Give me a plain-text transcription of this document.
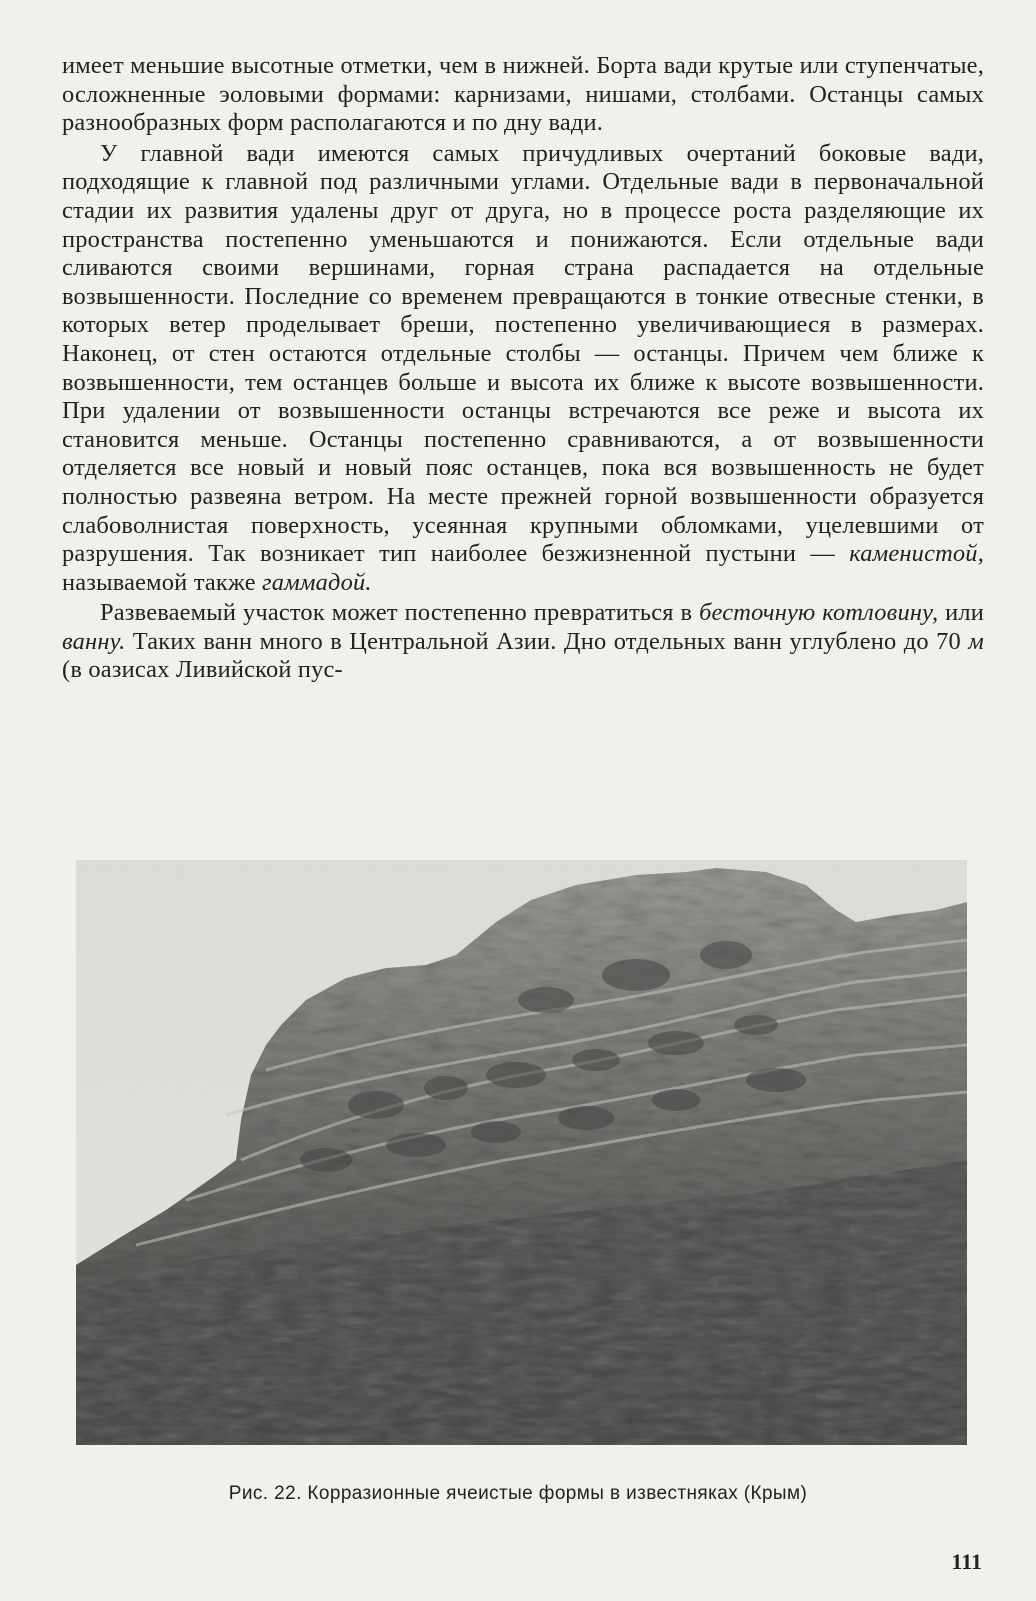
имеет меньшие высотные отметки, чем в нижней. Борта вади крутые или ступенчатые, осложненные эоловыми формами: карнизами, нишами, столбами. Останцы самых разнообразных форм располагаются и по дну вади.

У главной вади имеются самых причудливых очертаний боковые вади, подходящие к главной под различными углами. Отдельные вади в первоначальной стадии их развития удалены друг от друга, но в процессе роста разделяющие их пространства постепенно уменьшаются и понижаются. Если отдельные вади сливаются своими вершинами, горная страна распадается на отдельные возвышенности. Последние со временем превращаются в тонкие отвесные стенки, в которых ветер проделывает бреши, постепенно увеличивающиеся в размерах. Наконец, от стен остаются отдельные столбы — останцы. Причем чем ближе к возвышенности, тем останцев больше и высота их ближе к высоте возвышенности. При удалении от возвышенности останцы встречаются все реже и высота их становится меньше. Останцы постепенно сравниваются, а от возвышенности отделяется все новый и новый пояс останцев, пока вся возвышенность не будет полностью развеяна ветром. На месте прежней горной возвышенности образуется слабоволнистая поверхность, усеянная крупными обломками, уцелевшими от разрушения. Так возникает тип наиболее безжизненной пустыни — каменистой, называемой также гаммадой.

Развеваемый участок может постепенно превратиться в бесточную котловину, или ванну. Таких ванн много в Центральной Азии. Дно отдельных ванн углублено до 70 м (в оазисах Ливийской пус-

Рис. 22. Корразионные ячеистые формы в известняках (Крым)
111
